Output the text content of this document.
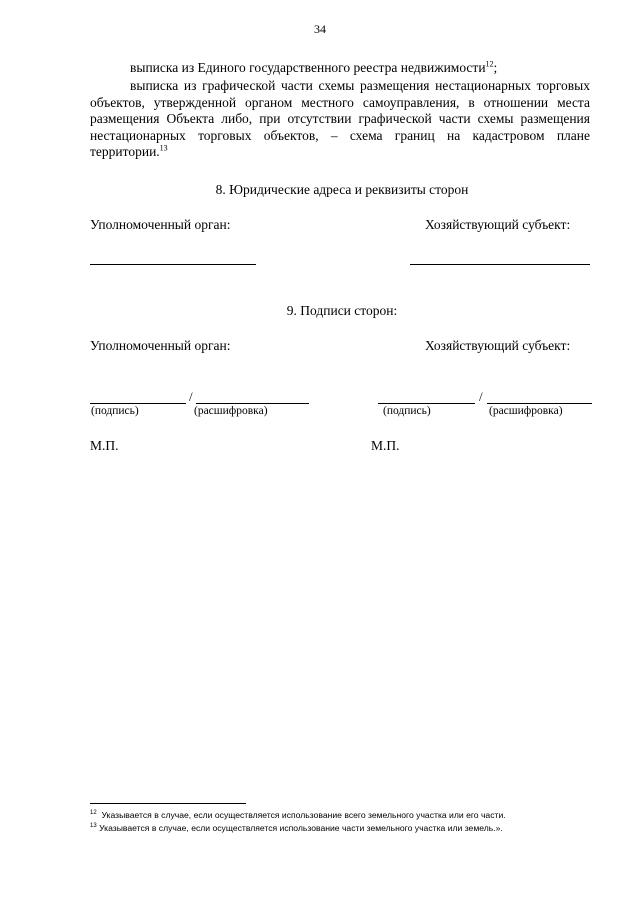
34

выписка из Единого государственного реестра недвижимости$^{12}$;

выписка из графической части схемы размещения нестационарных торговых объектов, утвержденной органом местного самоуправления, в отношении места размещения Объекта либо, при отсутствии графической части схемы размещения нестационарных торговых объектов, – схема границ на кадастровом плане территории.$^{13}$

8. Юридические адреса и реквизиты сторон
Уполномоченный орган:	Хозяйствующий субъект:
9. Подписи сторон:
Уполномоченный орган:	Хозяйствующий субъект:
/
(подпись)	(расшифровка)
/
(подпись)	(расшифровка)
М.П.	М.П.
$^{12}$ Указывается в случае, если осуществляется использование всего земельного участка или его части.
$^{13}$ Указывается в случае, если осуществляется использование части земельного участка или земель.».
